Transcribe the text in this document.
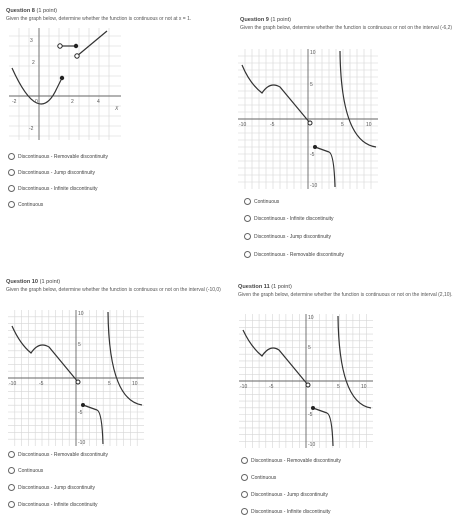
Question 8 (1 point)
Given the graph below, determine whether the function is continuous or not at x = 1.
-2	0	2	4
X
3
2
-2
Discontinuous - Removable discontinuity
Discontinuous - Jump discontinuity
Discontinuous - Infinite discontinuity
Continuous
Question 9 (1 point)
Given the graph below, determine whether the function is continuous or not on the interval (-6,2)
-10	-5	5	10
10
5
-5
-10
Continuous
Discontinuous - Infinite discontinuity
Discontinuous - Jump discontinuity
Discontinuous - Removable discontinuity
Question 10 (1 point)
Given the graph below, determine whether the function is continuous or not on the interval (-10,0)
-10	-5	5	10
10
5
-5
-10
Discontinuous - Removable discontinuity
Continuous
Discontinuous - Jump discontinuity
Discontinuous - Infinite discontinuity
Question 11 (1 point)
Given the graph below, determine whether the function is continuous or not on the interval (2,10).
-10	-5	5	10
10
5
-5
-10
Discontinuous - Removable discontinuity
Continuous
Discontinuous - Jump discontinuity
Discontinuous - Infinite discontinuity
